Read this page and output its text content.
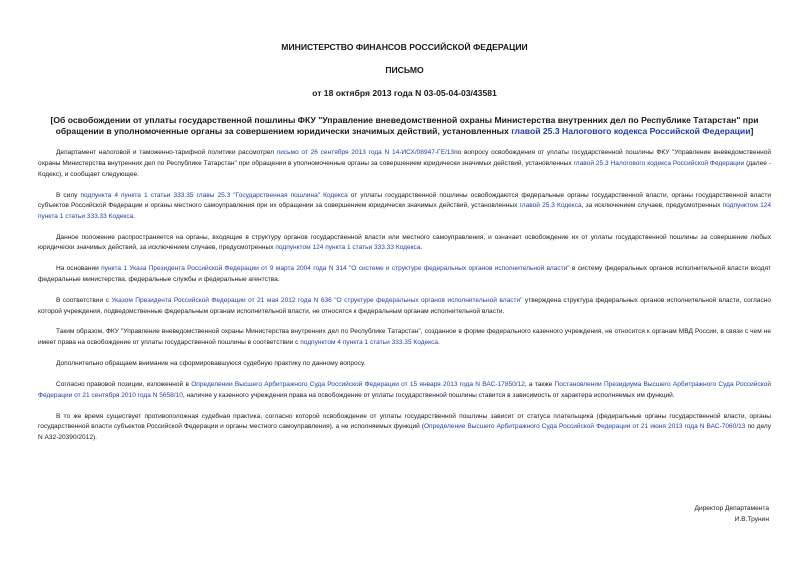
МИНИСТЕРСТВО ФИНАНСОВ РОССИЙСКОЙ ФЕДЕРАЦИИ
ПИСЬМО
от 18 октября 2013 года N 03-05-04-03/43581
[Об освобождении от уплаты государственной пошлины ФКУ "Управление вневедомственной охраны Министерства внутренних дел по Республике Татарстан" при обращении в уполномоченные органы за совершением юридически значимых действий, установленных главой 25.3 Налогового кодекса Российской Федерации]

Департамент налоговой и таможенно-тарифной политики рассмотрел письмо от 26 сентября 2013 года N 14-ИСХ/08947-ГЕ/13по вопросу освобождения от уплаты государственной пошлины ФКУ "Управление вневедомственной охраны Министерства внутренних дел по Республике Татарстан" при обращении в уполномоченные органы за совершением юридически значимых действий, установленных главой 25.3 Налогового кодекса Российской Федерации (далее - Кодекс), и сообщает следующее.

В силу подпункта 4 пункта 1 статьи 333.35 главы 25.3 "Государственная пошлина" Кодекса от уплаты государственной пошлины освобождаются федеральные органы государственной власти, органы государственной власти субъектов Российской Федерации и органы местного самоуправления при их обращении за совершением юридически значимых действий, установленных главой 25.3 Кодекса, за исключением случаев, предусмотренных подпунктом 124 пункта 1 статьи 333.33 Кодекса.

Данное положение распространяется на органы, входящие в структуру органов государственной власти или местного самоуправления, и означает освобождение их от уплаты государственной пошлины за совершение любых юридически значимых действий, за исключением случаев, предусмотренных подпунктом 124 пункта 1 статьи 333.33 Кодекса.

На основании пункта 1 Указа Президента Российской Федерации от 9 марта 2004 года N 314 "О системе и структуре федеральных органов исполнительной власти" в систему федеральных органов исполнительной власти входят федеральные министерства, федеральные службы и федеральные агентства.

В соответствии с Указом Президента Российской Федерации от 21 мая 2012 года N 636 "О структуре федеральных органов исполнительной власти" утверждена структура федеральных органов исполнительной власти, согласно которой учреждения, подведомственные федеральным органам исполнительной власти, не относятся к федеральным органам исполнительной власти.

Таким образом, ФКУ "Управление вневедомственной охраны Министерства внутренних дел по Республике Татарстан", созданное в форме федерального казенного учреждения, не относится к органам МВД России, в связи с чем не имеет права на освобождение от уплаты государственной пошлины в соответствии с подпунктом 4 пункта 1 статьи 333.35 Кодекса.

Дополнительно обращаем внимание на сформировавшуюся судебную практику по данному вопросу.

Согласно правовой позиции, изложенной в Определении Высшего Арбитражного Суда Российской Федерации от 15 января 2013 года N ВАС-17850/12, а также Постановлении Президиума Высшего Арбитражного Суда Российской Федерации от 21 сентября 2010 года N 5658/10, наличие у казенного учреждения права на освобождение от уплаты государственной пошлины ставится в зависимость от характера исполняемых им функций.

В то же время существует противоположная судебная практика, согласно которой освобождение от уплаты государственной пошлины зависит от статуса плательщика (федеральные органы государственной власти, органы государственной власти субъектов Российской Федерации и органы местного самоуправления), а не исполняемых функций (Определение Высшего Арбитражного Суда Российской Федерации от 21 июня 2013 года N ВАС-7060/13 по делу N А32-20390/2012).

Директор Департамента
И.В.Трунин
